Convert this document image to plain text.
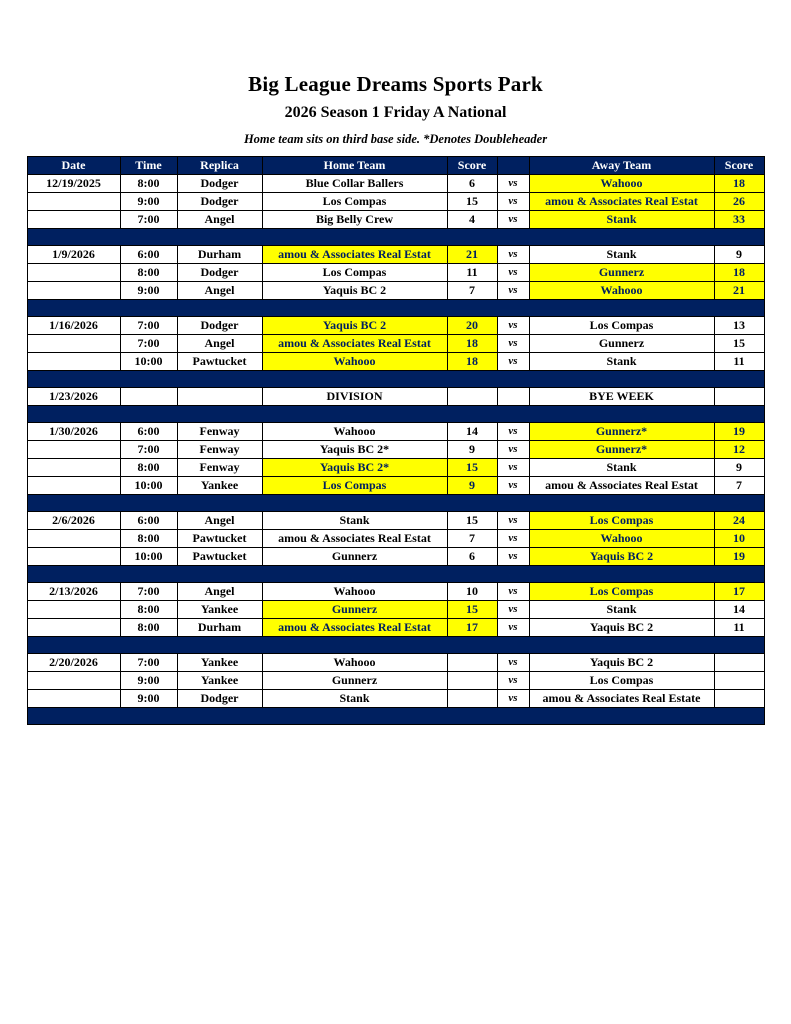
Big League Dreams Sports Park
2026 Season 1 Friday A National
Home team sits on third base side. *Denotes Doubleheader
Date	Time	Replica	Home Team	Score		Away Team	Score
12/19/2025	8:00	Dodger	Blue Collar Ballers	6	vs	Wahooo	18
	9:00	Dodger	Los Compas	15	vs	amou & Associates Real Estat	26
	7:00	Angel	Big Belly Crew	4	vs	Stank	33

1/9/2026	6:00	Durham	amou & Associates Real Estat	21	vs	Stank	9
	8:00	Dodger	Los Compas	11	vs	Gunnerz	18
	9:00	Angel	Yaquis BC 2	7	vs	Wahooo	21

1/16/2026	7:00	Dodger	Yaquis BC 2	20	vs	Los Compas	13
	7:00	Angel	amou & Associates Real Estat	18	vs	Gunnerz	15
	10:00	Pawtucket	Wahooo	18	vs	Stank	11

1/23/2026			DIVISION			BYE WEEK	

1/30/2026	6:00	Fenway	Wahooo	14	vs	Gunnerz*	19
	7:00	Fenway	Yaquis BC 2*	9	vs	Gunnerz*	12
	8:00	Fenway	Yaquis BC 2*	15	vs	Stank	9
	10:00	Yankee	Los Compas	9	vs	amou & Associates Real Estat	7

2/6/2026	6:00	Angel	Stank	15	vs	Los Compas	24
	8:00	Pawtucket	amou & Associates Real Estat	7	vs	Wahooo	10
	10:00	Pawtucket	Gunnerz	6	vs	Yaquis BC 2	19

2/13/2026	7:00	Angel	Wahooo	10	vs	Los Compas	17
	8:00	Yankee	Gunnerz	15	vs	Stank	14
	8:00	Durham	amou & Associates Real Estat	17	vs	Yaquis BC 2	11

2/20/2026	7:00	Yankee	Wahooo		vs	Yaquis BC 2	
	9:00	Yankee	Gunnerz		vs	Los Compas	
	9:00	Dodger	Stank		vs	amou & Associates Real Estate	
